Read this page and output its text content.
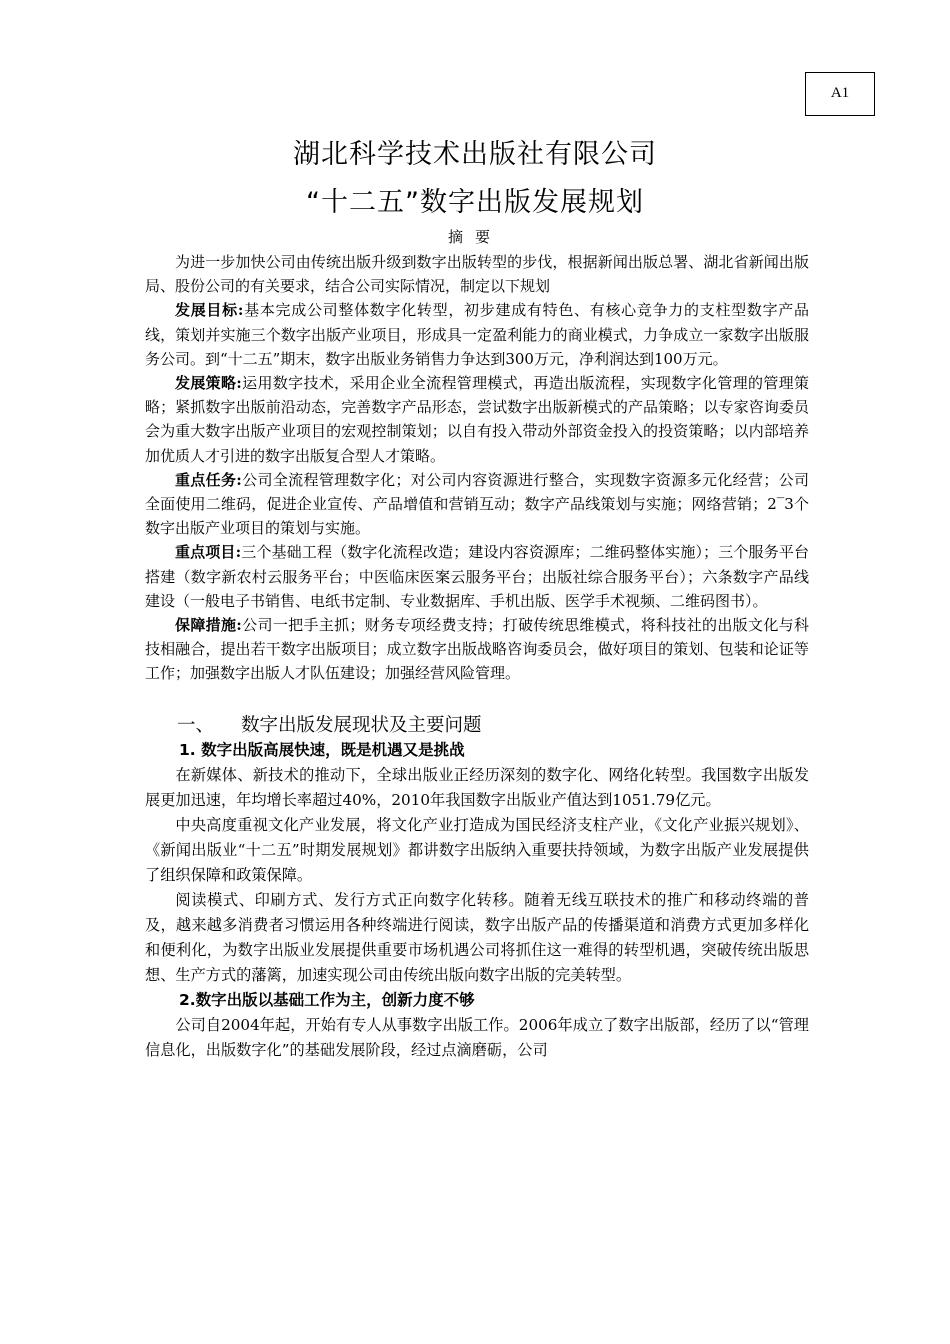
A1
湖北科学技术出版社有限公司
“十二五”数字出版发展规划
摘要

为进一步加快公司由传统出版升级到数字出版转型的步伐，根据新闻出版总署、湖北省新闻出版局、股份公司的有关要求，结合公司实际情况，制定以下规划

发展目标:基本完成公司整体数字化转型，初步建成有特色、有核心竞争力的支柱型数字产品线，策划并实施三个数字出版产业项目，形成具一定盈利能力的商业模式，力争成立一家数字出版服务公司。到“十二五”期末，数字出版业务销售力争达到300万元，净利润达到100万元。

发展策略:运用数字技术，采用企业全流程管理模式，再造出版流程，实现数字化管理的管理策略；紧抓数字出版前沿动态，完善数字产品形态，尝试数字出版新模式的产品策略；以专家咨询委员会为重大数字出版产业项目的宏观控制策划；以自有投入带动外部资金投入的投资策略；以内部培养加优质人才引进的数字出版复合型人才策略。

重点任务:公司全流程管理数字化；对公司内容资源进行整合，实现数字资源多元化经营；公司全面使用二维码，促进企业宣传、产品增值和营销互动；数字产品线策划与实施；网络营销；2‾3个数字出版产业项目的策划与实施。

重点项目:三个基础工程（数字化流程改造；建设内容资源库；二维码整体实施）；三个服务平台搭建（数字新农村云服务平台；中医临床医案云服务平台；出版社综合服务平台）；六条数字产品线建设（一般电子书销售、电纸书定制、专业数据库、手机出版、医学手术视频、二维码图书）。

保障措施:公司一把手主抓；财务专项经费支持；打破传统思维模式，将科技社的出版文化与科技相融合，提出若干数字出版项目；成立数字出版战略咨询委员会，做好项目的策划、包装和论证等工作；加强数字出版人才队伍建设；加强经营风险管理。

一、 数字出版发展现状及主要问题
1. 数字出版高展快速，既是机遇又是挑战

在新媒体、新技术的推动下，全球出版业正经历深刻的数字化、网络化转型。我国数字出版发展更加迅速，年均增长率超过40%，2010年我国数字出版业产值达到1051.79亿元。

中央高度重视文化产业发展，将文化产业打造成为国民经济支柱产业，《文化产业振兴规划》、《新闻出版业“十二五”时期发展规划》都讲数字出版纳入重要扶持领域，为数字出版产业发展提供了组织保障和政策保障。

阅读模式、印刷方式、发行方式正向数字化转移。随着无线互联技术的推广和移动终端的普及，越来越多消费者习惯运用各种终端进行阅读，数字出版产品的传播渠道和消费方式更加多样化和便利化，为数字出版业发展提供重要市场机遇公司将抓住这一难得的转型机遇，突破传统出版思想、生产方式的藩篱，加速实现公司由传统出版向数字出版的完美转型。

2.数字出版以基础工作为主，创新力度不够

公司自2004年起，开始有专人从事数字出版工作。2006年成立了数字出版部，经历了以“管理信息化，出版数字化”的基础发展阶段，经过点滴磨砺，公司
